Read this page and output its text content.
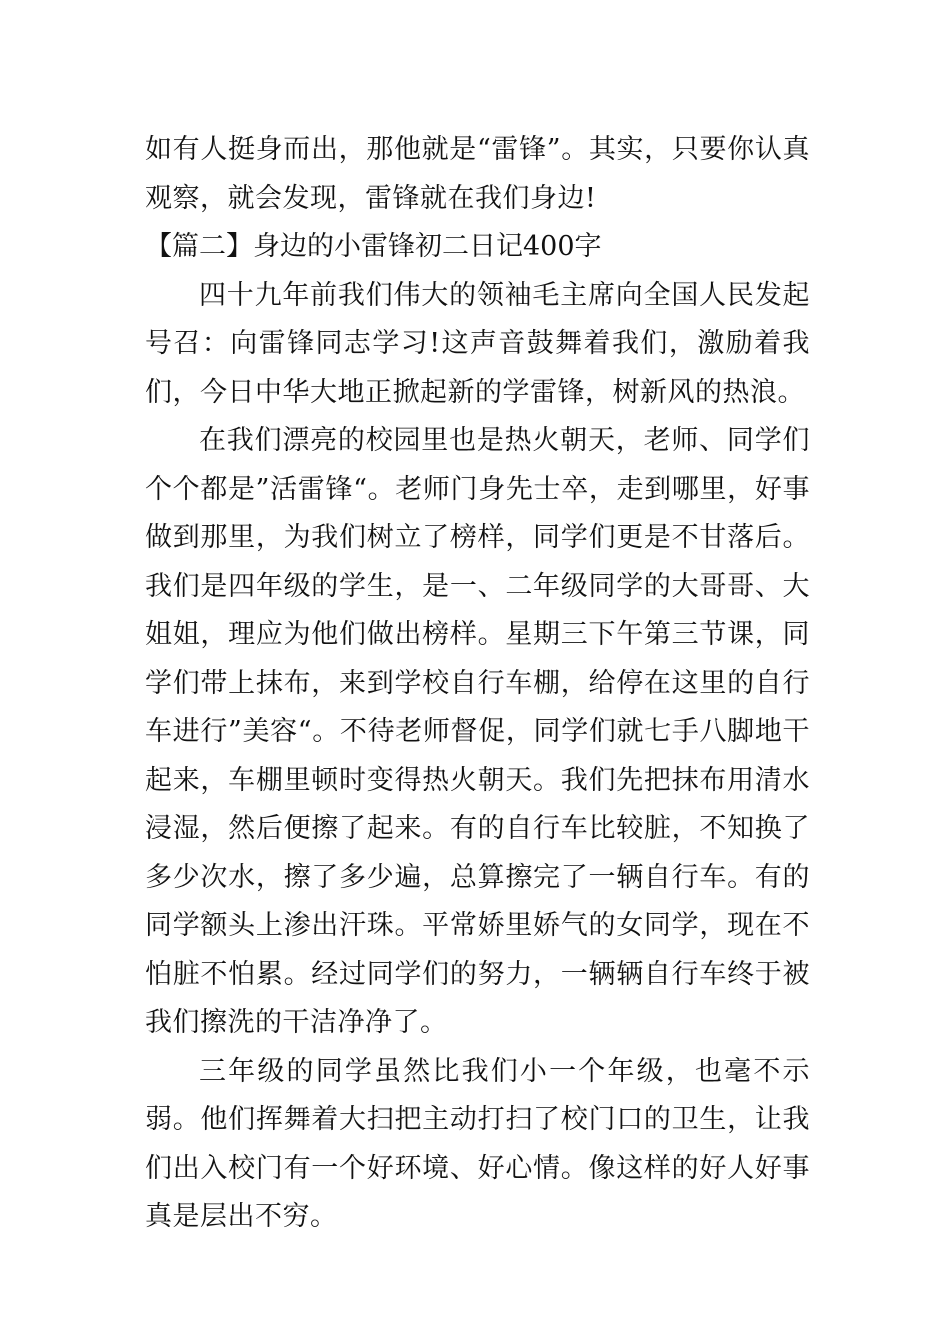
如有人挺身而出，那他就是“雷锋”。其实，只要你认真观察，就会发现，雷锋就在我们身边!

【篇二】身边的小雷锋初二日记400字

四十九年前我们伟大的领袖毛主席向全国人民发起号召：向雷锋同志学习!这声音鼓舞着我们，激励着我们，今日中华大地正掀起新的学雷锋，树新风的热浪。

在我们漂亮的校园里也是热火朝天，老师、同学们个个都是”活雷锋“。老师门身先士卒，走到哪里，好事做到那里，为我们树立了榜样，同学们更是不甘落后。我们是四年级的学生，是一、二年级同学的大哥哥、大姐姐，理应为他们做出榜样。星期三下午第三节课，同学们带上抹布，来到学校自行车棚，给停在这里的自行车进行”美容“。不待老师督促，同学们就七手八脚地干起来，车棚里顿时变得热火朝天。我们先把抹布用清水浸湿，然后便擦了起来。有的自行车比较脏，不知换了多少次水，擦了多少遍，总算擦完了一辆自行车。有的同学额头上渗出汗珠。平常娇里娇气的女同学，现在不怕脏不怕累。经过同学们的努力，一辆辆自行车终于被我们擦洗的干洁净净了。

三年级的同学虽然比我们小一个年级，也毫不示弱。他们挥舞着大扫把主动打扫了校门口的卫生，让我们出入校门有一个好环境、好心情。像这样的好人好事真是层出不穷。
